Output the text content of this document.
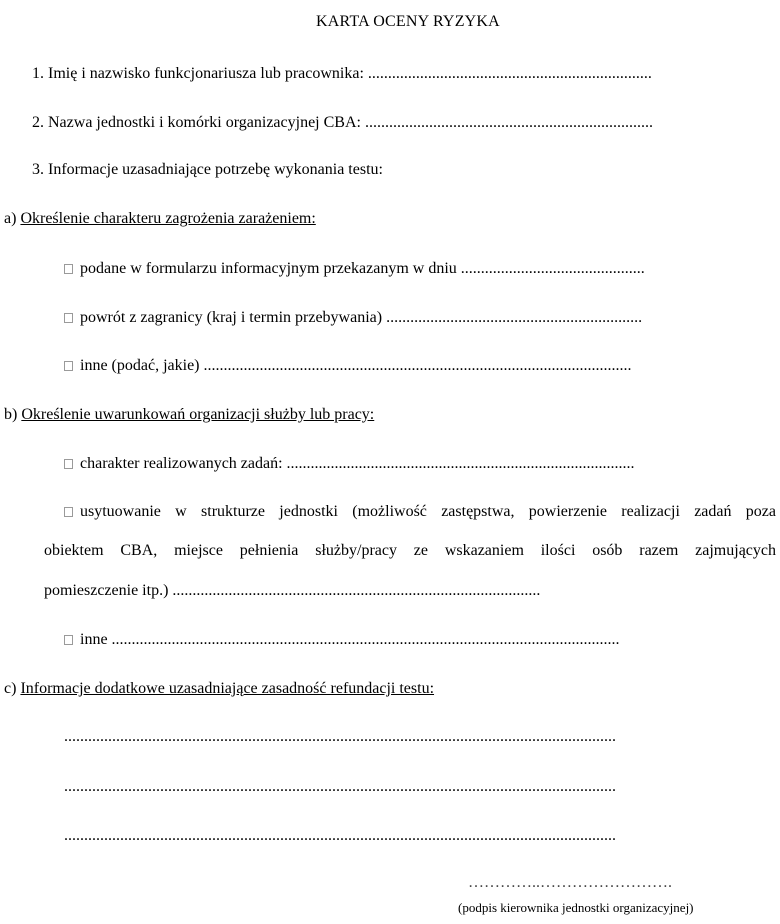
KARTA OCENY RYZYKA
1. Imię i nazwisko funkcjonariusza lub pracownika: .......................................................................
2. Nazwa jednostki i komórki organizacyjnej CBA: ........................................................................
3. Informacje uzasadniające potrzebę wykonania testu:
a) Określenie charakteru zagrożenia zarażeniem:
podane w formularzu informacyjnym przekazanym w dniu ..............................................
powrót z zagranicy (kraj i termin przebywania) ................................................................
inne (podać, jakie) ...........................................................................................................
b) Określenie uwarunkowań organizacji służby lub pracy:
charakter realizowanych zadań: .......................................................................................
usytuowanie w strukturze jednostki (możliwość zastępstwa, powierzenie realizacji zadań poza
obiektem CBA, miejsce pełnienia służby/pracy ze wskazaniem ilości osób razem zajmujących
pomieszczenie itp.) ............................................................................................
inne ...............................................................................................................................
c) Informacje dodatkowe uzasadniające zasadność refundacji testu:
..........................................................................................................................................
..........................................................................................................................................
..........................................................................................................................................
…………..…………………….
(podpis kierownika jednostki organizacyjnej)
